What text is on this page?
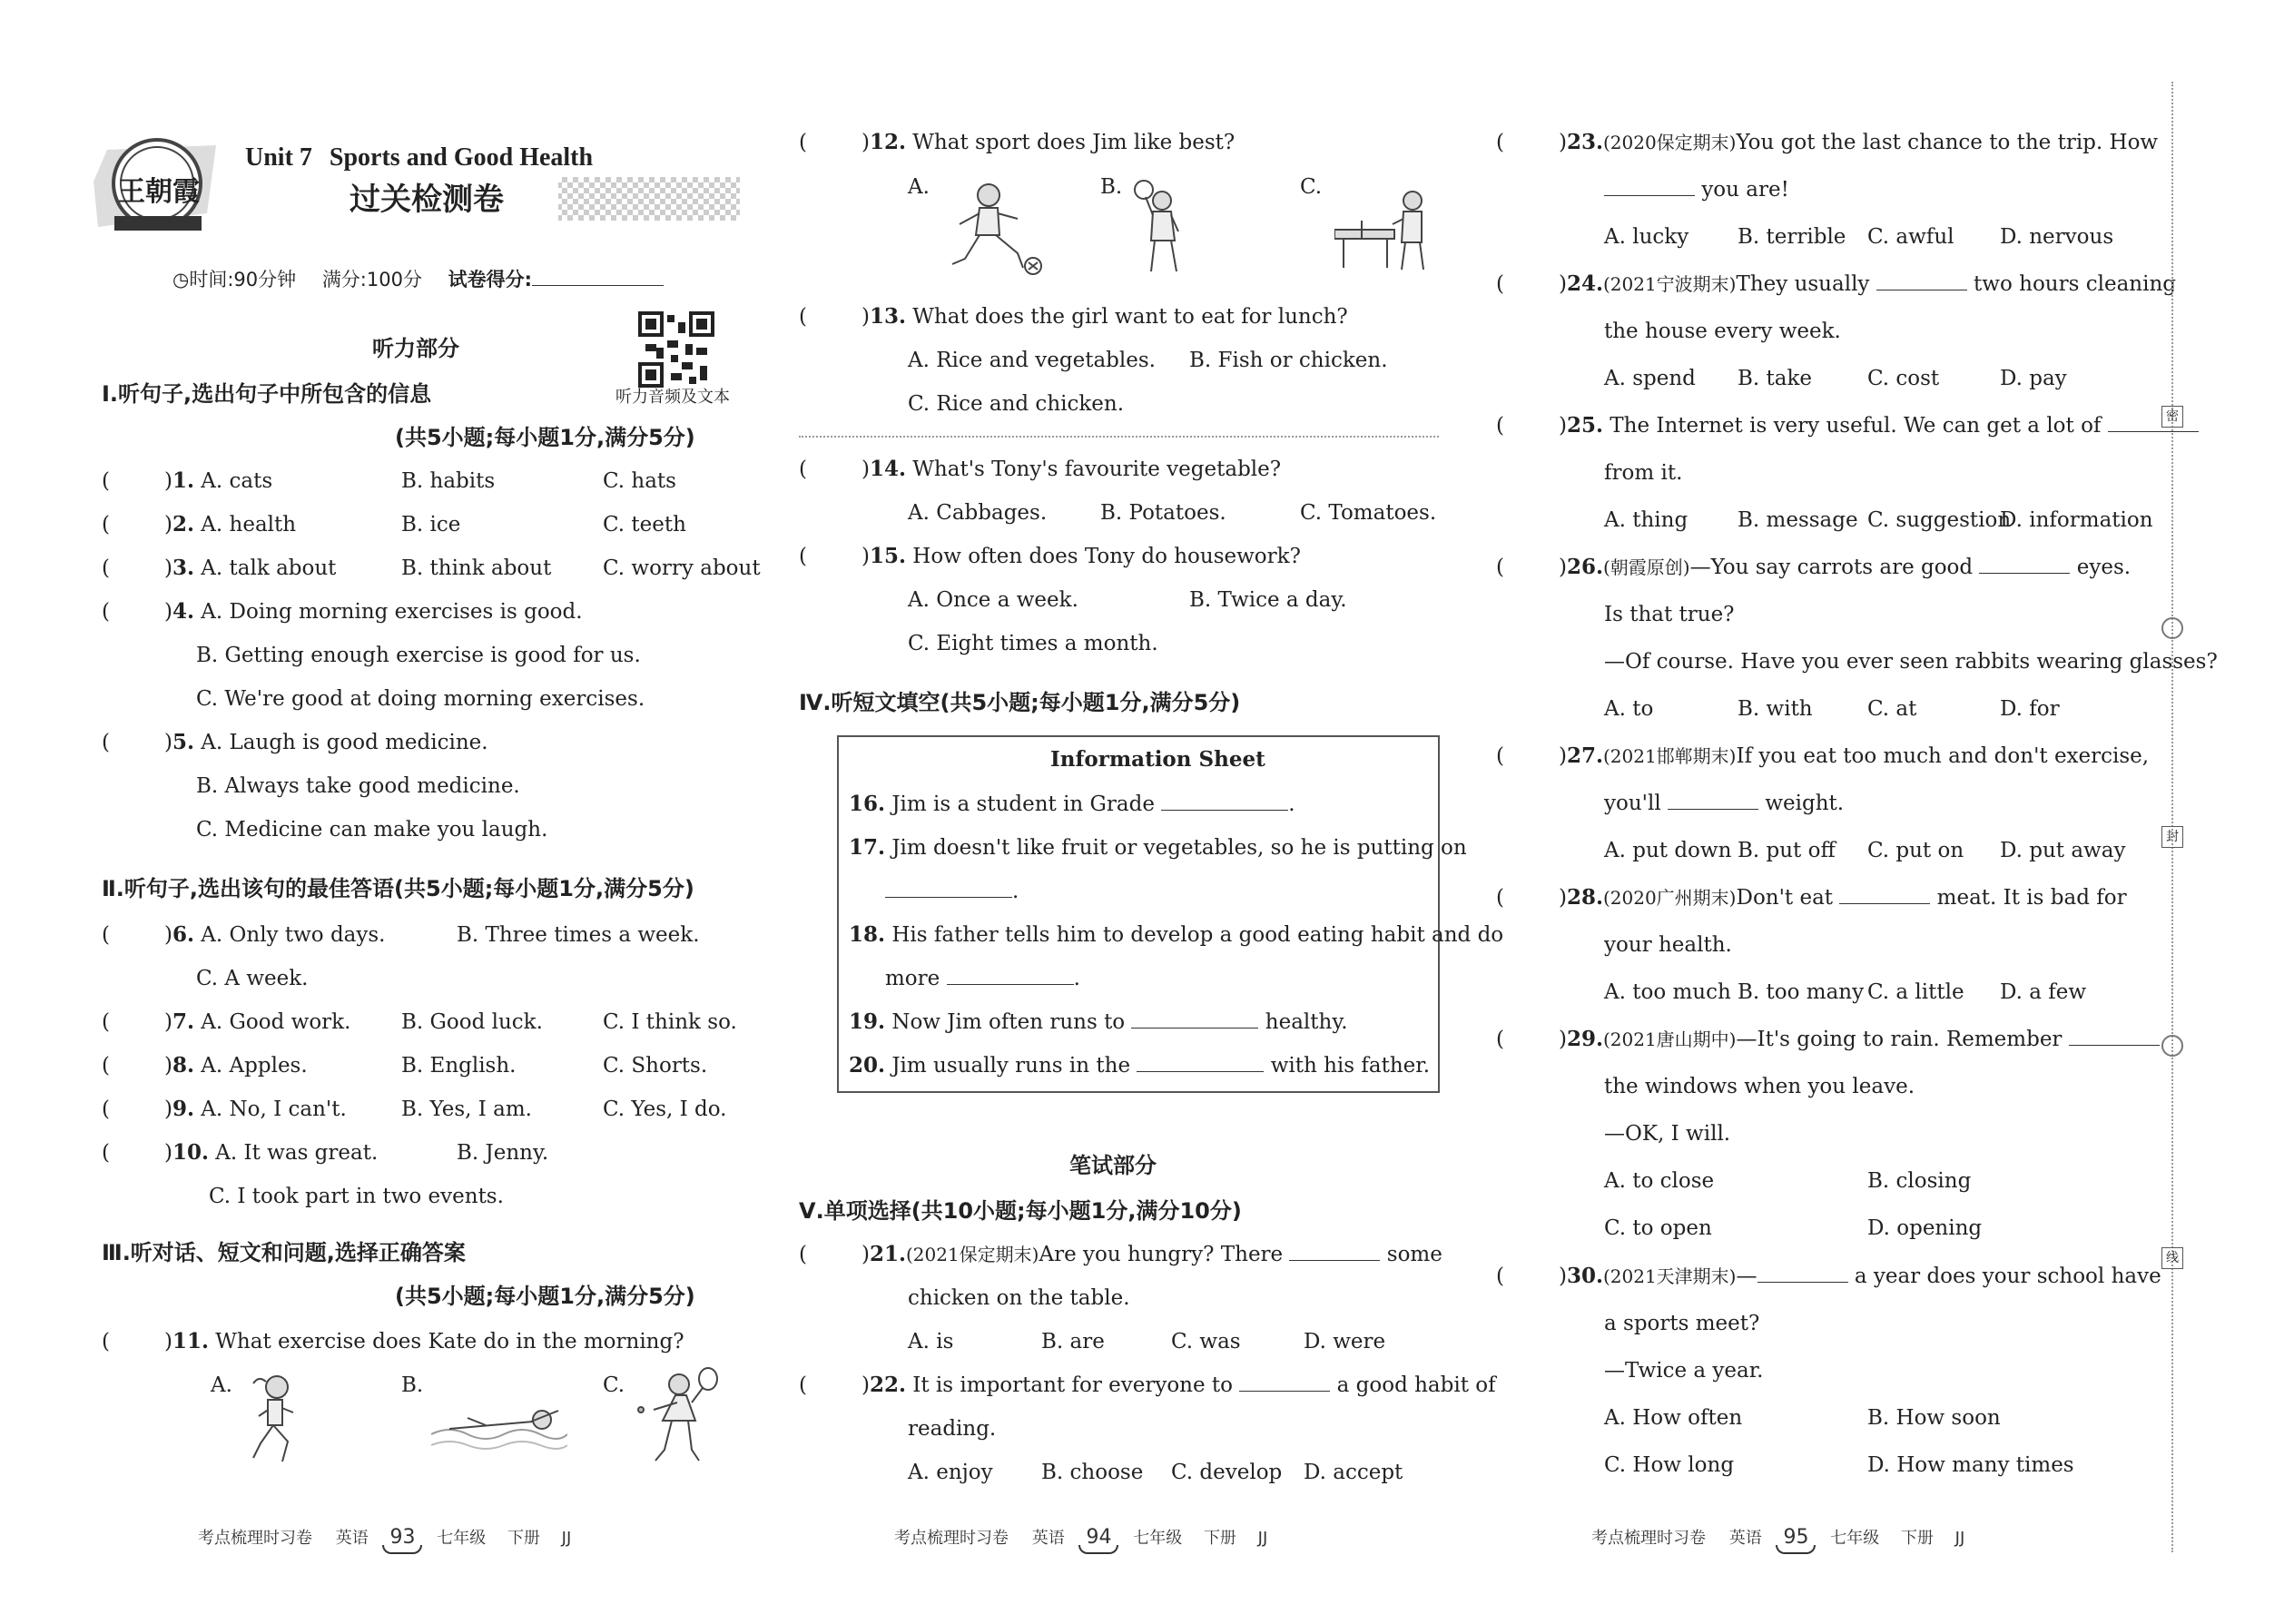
王朝霞
Unit 7 Sports and Good Health
过关检测卷
◷时间:90分钟 满分:100分 试卷得分:
听力音频及文本
听力部分
Ⅰ.听句子,选出句子中所包含的信息
(共5小题;每小题1分,满分5分)
(	)1. A. cats	B. habits	C. hats
(	)2. A. health	B. ice	C. teeth
(	)3. A. talk about	B. think about C. worry about
(	)4. A. Doing morning exercises is good.
B. Getting enough exercise is good for us.
C. We're good at doing morning exercises.
(	)5. A. Laugh is good medicine.
B. Always take good medicine.
C. Medicine can make you laugh.
Ⅱ.听句子,选出该句的最佳答语(共5小题;每小题1分,满分5分)
(	)6. A. Only two days.	B. Three times a week.
C. A week.
(	)7. A. Good work. B. Good luck.	C. I think so.
(	)8. A. Apples.	B. English.	C. Shorts.
(	)9. A. No, I can't.	B. Yes, I am.	C. Yes, I do.
(	)10. A. It was great.	B. Jenny.
C. I took part in two events.
Ⅲ.听对话、短文和问题,选择正确答案
(共5小题;每小题1分,满分5分)
(	)11. What exercise does Kate do in the morning?
A.	B.	C.
考点梳理时习卷 英语 93 七年级 下册 JJ
(	)12. What sport does Jim like best?
A.	B.	C.
(	)13. What does the girl want to eat for lunch?
A. Rice and vegetables. B. Fish or chicken.
C. Rice and chicken.
(	)14. What's Tony's favourite vegetable?
A. Cabbages.	B. Potatoes.	C. Tomatoes.
(	)15. How often does Tony do housework?
A. Once a week.	B. Twice a day.
C. Eight times a month.
Ⅳ.听短文填空(共5小题;每小题1分,满分5分)
Information Sheet
16. Jim is a student in Grade	.
17. Jim doesn't like fruit or vegetables, so he is putting on
.
18. His father tells him to develop a good eating habit and do
more	.
19. Now Jim often runs to	healthy.
20. Jim usually runs in the	with his father.
笔试部分
Ⅴ.单项选择(共10小题;每小题1分,满分10分)
(	)21.(2021保定期末)Are you hungry? There	some
chicken on the table.
A. is	B. are	C. was	D. were
(	)22. It is important for everyone to	a good habit of
reading.
A. enjoy B. choose C. develop D. accept
考点梳理时习卷 英语 94 七年级 下册 JJ
(	)23.(2020保定期末)You got the last chance to the trip. How
you are!
A. lucky B. terrible C. awful D. nervous
(	)24.(2021宁波期末)They usually	two hours cleaning
the house every week.
A. spend B. take	C. cost	D. pay
(	)25. The Internet is very useful. We can get a lot of
from it.
A. thing B. message C. suggestion
D. information
(	)26.(朝霞原创)—You say carrots are good	eyes.
Is that true?
—Of course. Have you ever seen rabbits wearing glasses?
A. to	B. with	C. at	D. for
(	)27.(2021邯郸期末)If you eat too much and don't exercise,
you'll	weight.
A. put down B. put off C. put on D. put away
(	)28.(2020广州期末)Don't eat	meat. It is bad for
your health.
A. too much B. too many C. a little D. a few
(	)29.(2021唐山期中)—It's going to rain. Remember
the windows when you leave.
—OK, I will.
A. to close	B. closing
C. to open	D. opening
(	)30.(2021天津期末)—	a year does your school have
a sports meet?
—Twice a year.
A. How often	B. How soon
C. How long	D. How many times
考点梳理时习卷 英语 95 七年级 下册 JJ
密
封
线
